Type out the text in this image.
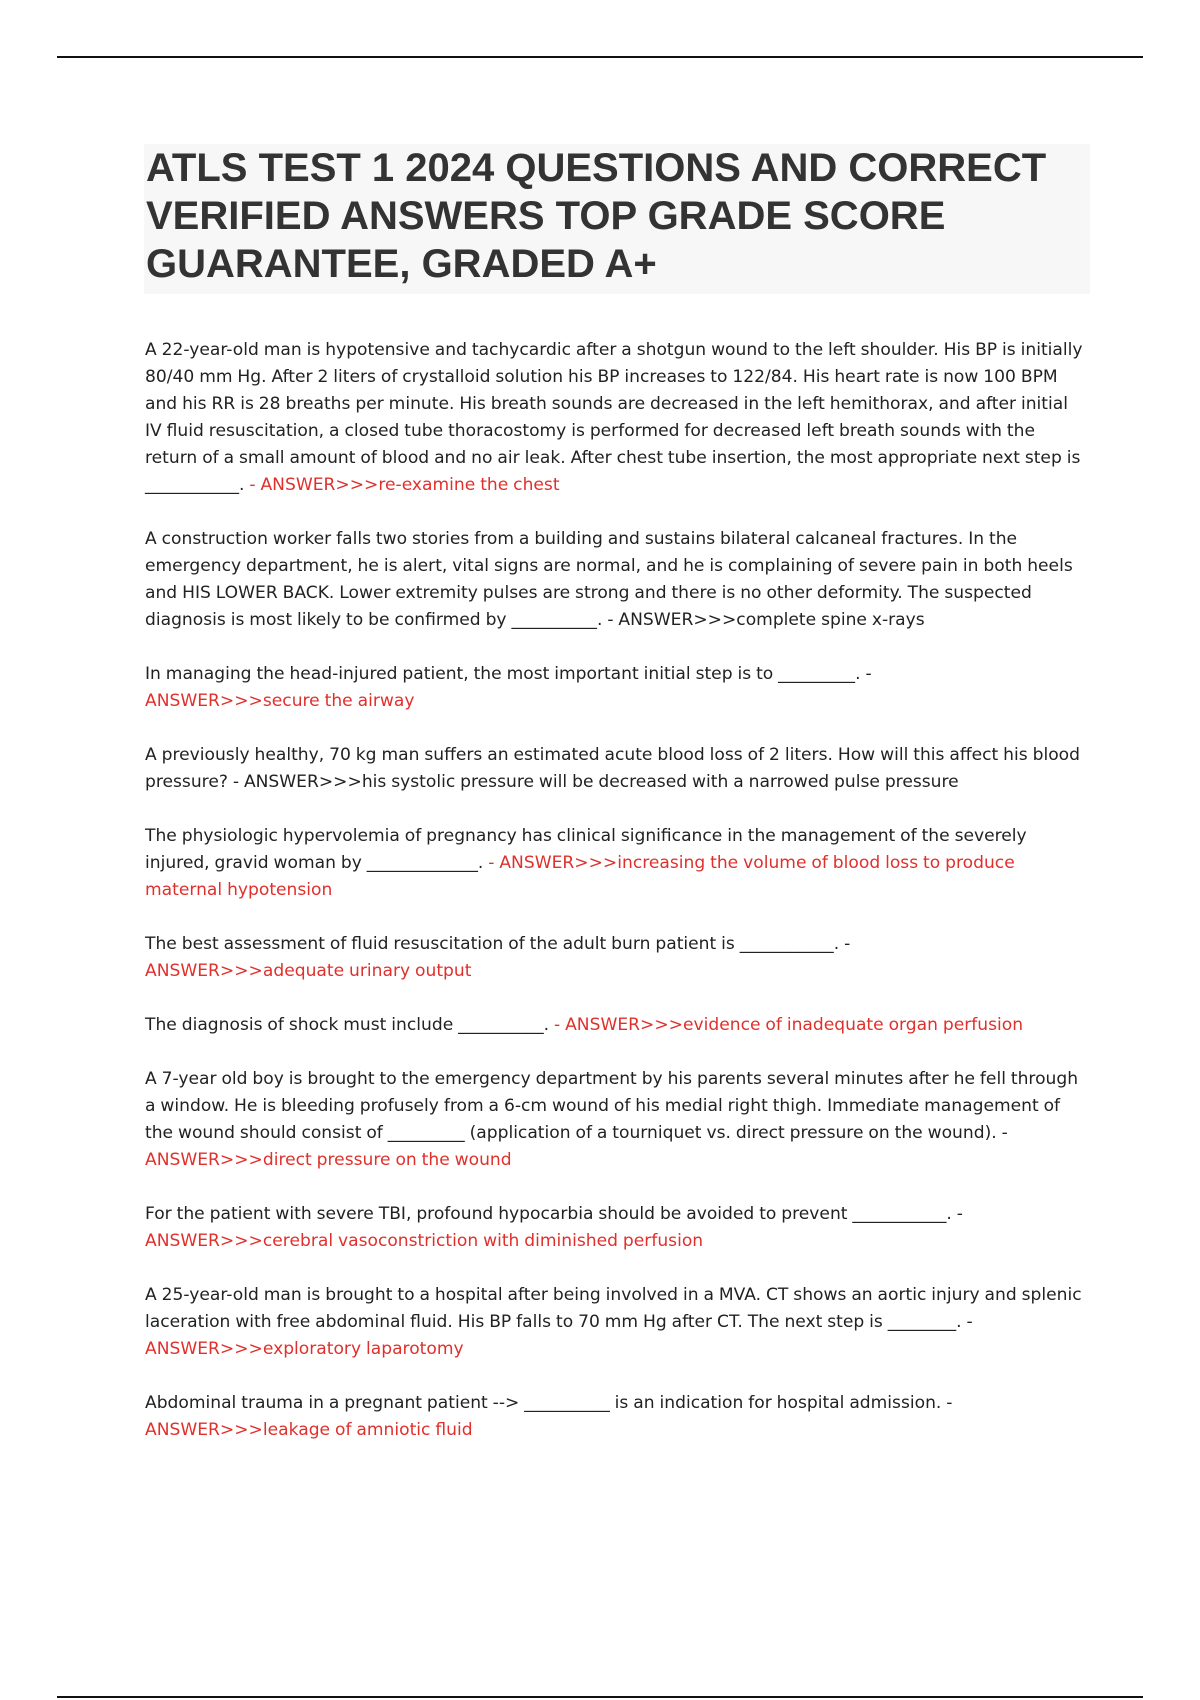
ATLS TEST 1 2024 QUESTIONS AND CORRECT
VERIFIED ANSWERS TOP GRADE SCORE
GUARANTEE, GRADED A+

A 22-year-old man is hypotensive and tachycardic after a shotgun wound to the left shoulder. His BP is initially 80/40 mm Hg. After 2 liters of crystalloid solution his BP increases to 122/84. His heart rate is now 100 BPM and his RR is 28 breaths per minute. His breath sounds are decreased in the left hemithorax, and after initial IV fluid resuscitation, a closed tube thoracostomy is performed for decreased left breath sounds with the return of a small amount of blood and no air leak. After chest tube insertion, the most appropriate next step is ___________. - ANSWER>>>re-examine the chest

A construction worker falls two stories from a building and sustains bilateral calcaneal fractures. In the emergency department, he is alert, vital signs are normal, and he is complaining of severe pain in both heels and HIS LOWER BACK. Lower extremity pulses are strong and there is no other deformity. The suspected diagnosis is most likely to be confirmed by __________. - ANSWER>>>complete spine x-rays

In managing the head-injured patient, the most important initial step is to _________. -
ANSWER>>>secure the airway

A previously healthy, 70 kg man suffers an estimated acute blood loss of 2 liters. How will this affect his blood pressure? - ANSWER>>>his systolic pressure will be decreased with a narrowed pulse pressure

The physiologic hypervolemia of pregnancy has clinical significance in the management of the severely injured, gravid woman by _____________. - ANSWER>>>increasing the volume of blood loss to produce maternal hypotension

The best assessment of fluid resuscitation of the adult burn patient is ___________. -
ANSWER>>>adequate urinary output

The diagnosis of shock must include __________. - ANSWER>>>evidence of inadequate organ perfusion

A 7-year old boy is brought to the emergency department by his parents several minutes after he fell through a window. He is bleeding profusely from a 6-cm wound of his medial right thigh. Immediate management of the wound should consist of _________ (application of a tourniquet vs. direct pressure on the wound). - ANSWER>>>direct pressure on the wound

For the patient with severe TBI, profound hypocarbia should be avoided to prevent ___________. -
ANSWER>>>cerebral vasoconstriction with diminished perfusion

A 25-year-old man is brought to a hospital after being involved in a MVA. CT shows an aortic injury and splenic laceration with free abdominal fluid. His BP falls to 70 mm Hg after CT. The next step is ________. - ANSWER>>>exploratory laparotomy

Abdominal trauma in a pregnant patient --> __________ is an indication for hospital admission. -
ANSWER>>>leakage of amniotic fluid
